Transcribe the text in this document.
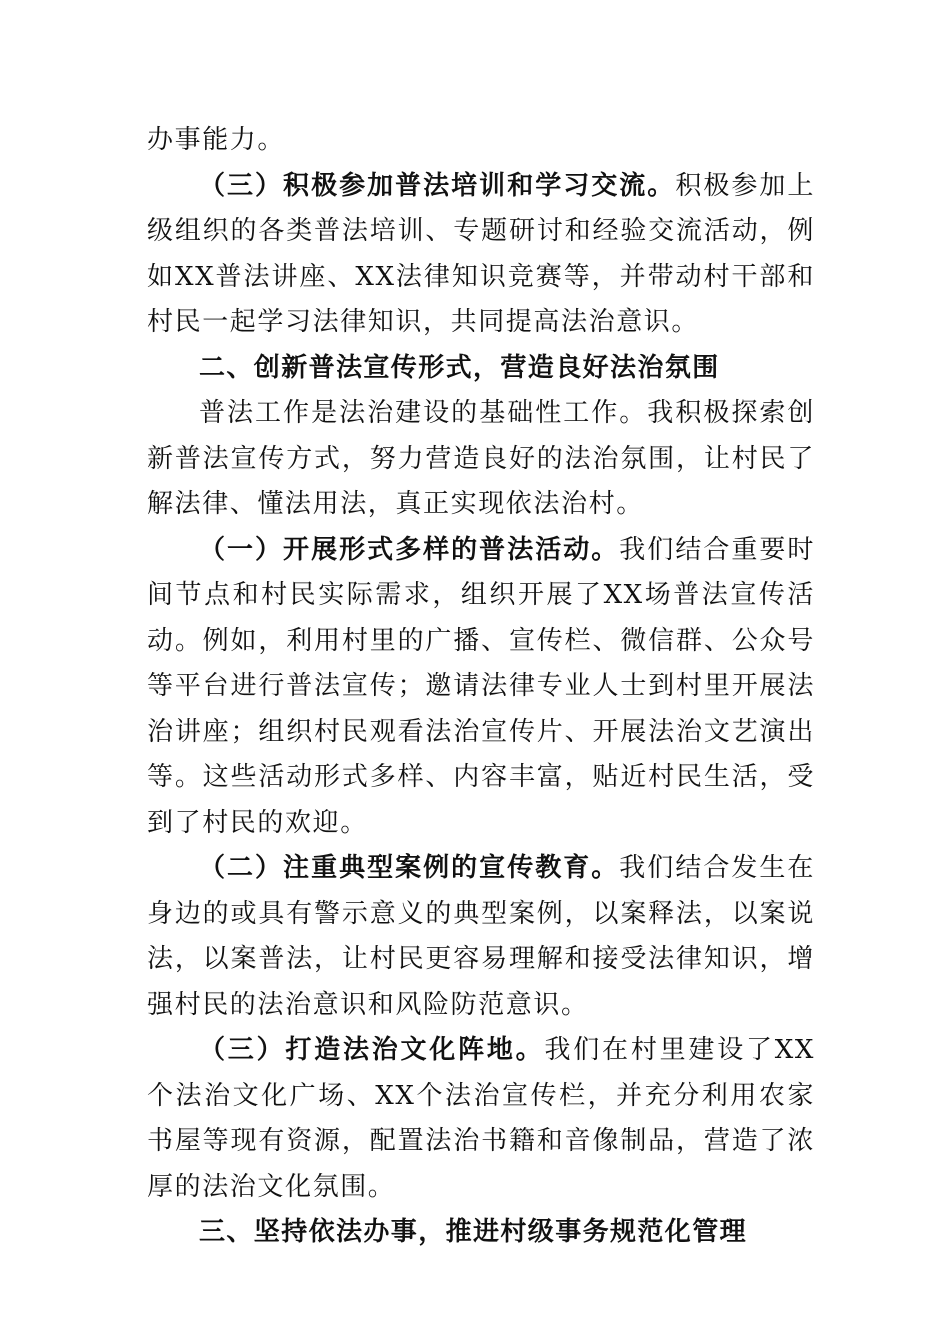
办事能力。

（三）积极参加普法培训和学习交流。积极参加上级组织的各类普法培训、专题研讨和经验交流活动，例如XX普法讲座、XX法律知识竞赛等，并带动村干部和村民一起学习法律知识，共同提高法治意识。

二、创新普法宣传形式，营造良好法治氛围

普法工作是法治建设的基础性工作。我积极探索创新普法宣传方式，努力营造良好的法治氛围，让村民了解法律、懂法用法，真正实现依法治村。

（一）开展形式多样的普法活动。我们结合重要时间节点和村民实际需求，组织开展了XX场普法宣传活动。例如，利用村里的广播、宣传栏、微信群、公众号等平台进行普法宣传；邀请法律专业人士到村里开展法治讲座；组织村民观看法治宣传片、开展法治文艺演出等。这些活动形式多样、内容丰富，贴近村民生活，受到了村民的欢迎。

（二）注重典型案例的宣传教育。我们结合发生在身边的或具有警示意义的典型案例，以案释法，以案说法，以案普法，让村民更容易理解和接受法律知识，增强村民的法治意识和风险防范意识。

（三）打造法治文化阵地。我们在村里建设了XX个法治文化广场、XX个法治宣传栏，并充分利用农家书屋等现有资源，配置法治书籍和音像制品，营造了浓厚的法治文化氛围。

三、坚持依法办事，推进村级事务规范化管理
